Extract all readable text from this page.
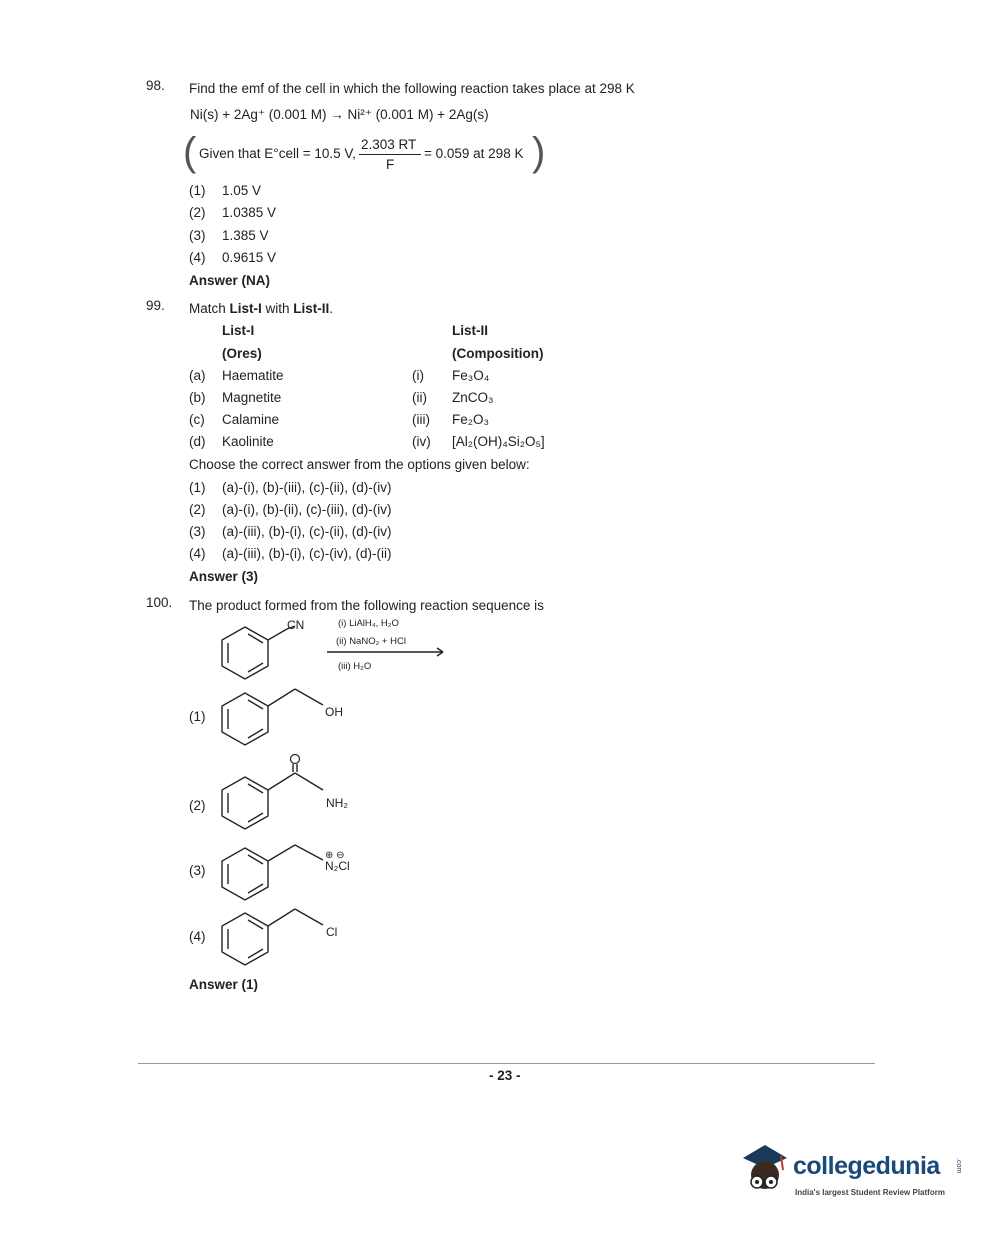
98. Find the emf of the cell in which the following reaction takes place at 298 K
Ni(s) + 2Ag⁺ (0.001 M) → Ni²⁺ (0.001 M) + 2Ag(s)
( Given that E°cell = 10.5 V,
2.303 RT
F
= 0.059 at 298 K )
(1) 1.05 V
(2) 1.0385 V
(3) 1.385 V
(4) 0.9615 V
Answer (NA)
99. Match List-I with List-II.
List-I
(Ores)
List-II
(Composition)
(a) Haematite	(i) Fe₃O₄
(b) Magnetite	(ii) ZnCO₃
(c) Calamine	(iii) Fe₂O₃
(d) Kaolinite	(iv) [Al₂(OH)₄Si₂O₅]
Choose the correct answer from the options given below:
(1) (a)-(i), (b)-(iii), (c)-(ii), (d)-(iv)
(2) (a)-(i), (b)-(ii), (c)-(iii), (d)-(iv)
(3) (a)-(iii), (b)-(i), (c)-(ii), (d)-(iv)
(4) (a)-(iii), (b)-(i), (c)-(iv), (d)-(ii)
Answer (3)
100. The product formed from the following reaction sequence is
CN	(i) LiAlH₄, H₂O
(ii) NaNO₂ + HCl
(iii) H₂O
(1)	OH
(2)	NH₂
(3)
⊕ ⊖
N₂Cl
(4)	Cl
Answer (1)
- 23 -
collegedunia .com
India's largest Student Review Platform
